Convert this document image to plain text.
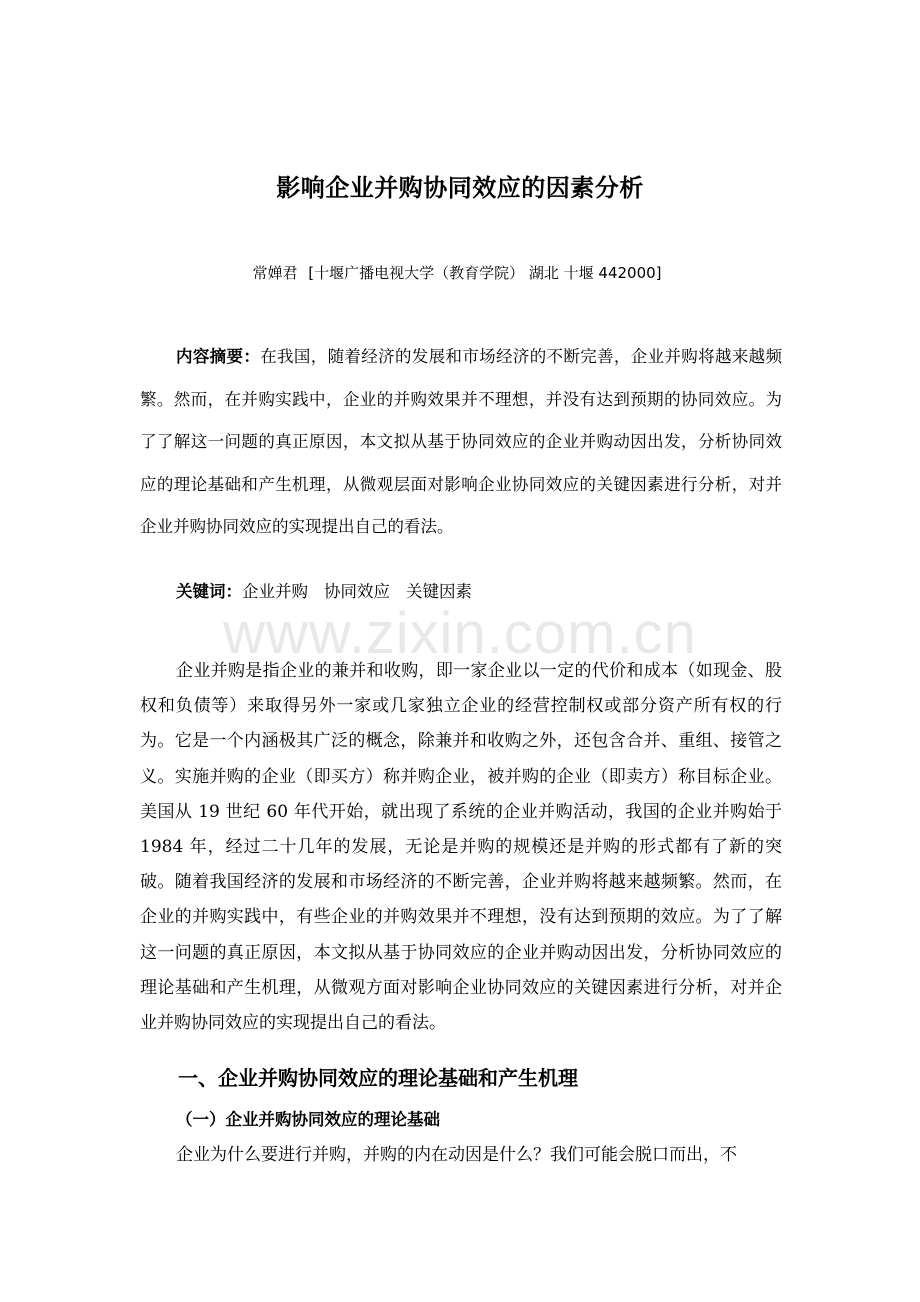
影响企业并购协同效应的因素分析
常婵君 [十堰广播电视大学（教育学院） 湖北 十堰 442000]

内容摘要：在我国，随着经济的发展和市场经济的不断完善，企业并购将越来越频繁。然而，在并购实践中，企业的并购效果并不理想，并没有达到预期的协同效应。为了了解这一问题的真正原因，本文拟从基于协同效应的企业并购动因出发，分析协同效应的理论基础和产生机理，从微观层面对影响企业协同效应的关键因素进行分析，对并企业并购协同效应的实现提出自己的看法。

关键词：企业并购 协同效应 关键因素
www.zixin.com.cn

企业并购是指企业的兼并和收购，即一家企业以一定的代价和成本（如现金、股权和负债等）来取得另外一家或几家独立企业的经营控制权或部分资产所有权的行为。它是一个内涵极其广泛的概念，除兼并和收购之外，还包含合并、重组、接管之义。实施并购的企业（即买方）称并购企业，被并购的企业（即卖方）称目标企业。美国从 19 世纪 60 年代开始，就出现了系统的企业并购活动，我国的企业并购始于 1984 年，经过二十几年的发展，无论是并购的规模还是并购的形式都有了新的突破。随着我国经济的发展和市场经济的不断完善，企业并购将越来越频繁。然而，在企业的并购实践中，有些企业的并购效果并不理想，没有达到预期的效应。为了了解这一问题的真正原因，本文拟从基于协同效应的企业并购动因出发，分析协同效应的理论基础和产生机理，从微观方面对影响企业协同效应的关键因素进行分析，对并企业并购协同效应的实现提出自己的看法。

一、企业并购协同效应的理论基础和产生机理
（一）企业并购协同效应的理论基础

企业为什么要进行并购，并购的内在动因是什么？我们可能会脱口而出，不
